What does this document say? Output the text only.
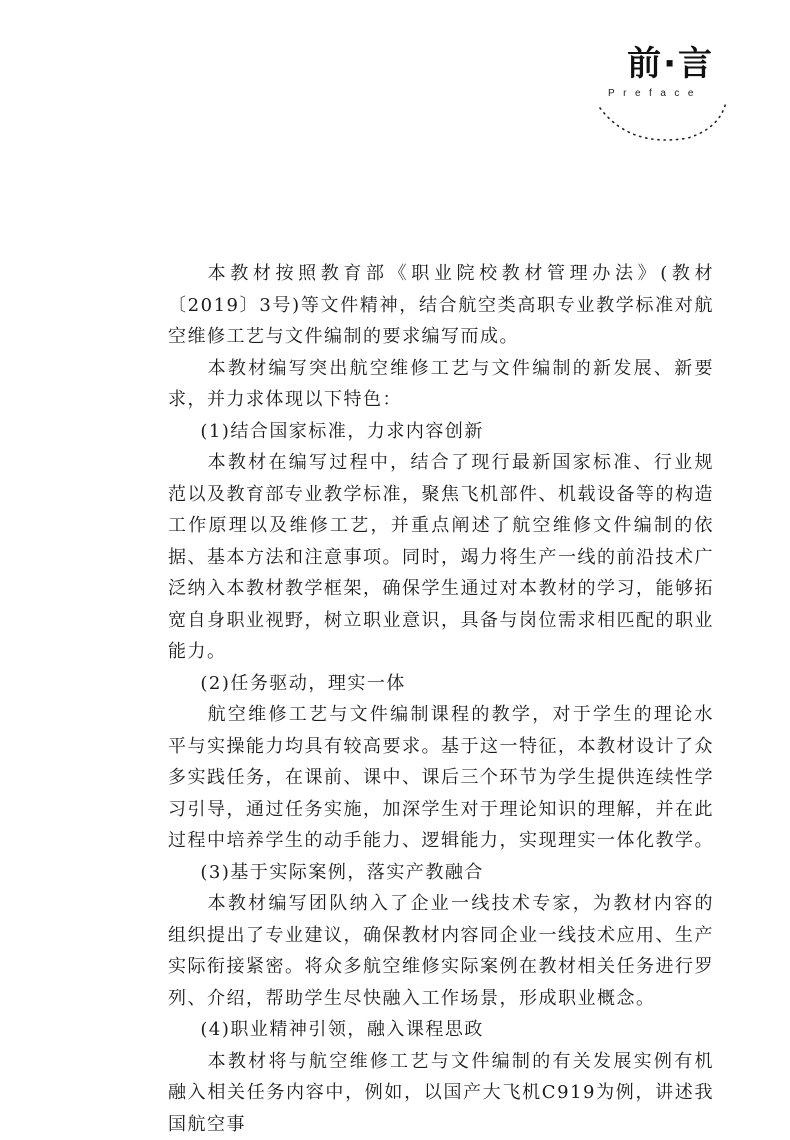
前·言
Preface

本教材按照教育部《职业院校教材管理办法》(教材〔2019〕3号)等文件精神，结合航空类高职专业教学标准对航空维修工艺与文件编制的要求编写而成。

本教材编写突出航空维修工艺与文件编制的新发展、新要求，并力求体现以下特色：

(1)结合国家标准，力求内容创新

本教材在编写过程中，结合了现行最新国家标准、行业规范以及教育部专业教学标准，聚焦飞机部件、机载设备等的构造工作原理以及维修工艺，并重点阐述了航空维修文件编制的依据、基本方法和注意事项。同时，竭力将生产一线的前沿技术广泛纳入本教材教学框架，确保学生通过对本教材的学习，能够拓宽自身职业视野，树立职业意识，具备与岗位需求相匹配的职业能力。

(2)任务驱动，理实一体

航空维修工艺与文件编制课程的教学，对于学生的理论水平与实操能力均具有较高要求。基于这一特征，本教材设计了众多实践任务，在课前、课中、课后三个环节为学生提供连续性学习引导，通过任务实施，加深学生对于理论知识的理解，并在此过程中培养学生的动手能力、逻辑能力，实现理实一体化教学。

(3)基于实际案例，落实产教融合

本教材编写团队纳入了企业一线技术专家，为教材内容的组织提出了专业建议，确保教材内容同企业一线技术应用、生产实际衔接紧密。将众多航空维修实际案例在教材相关任务进行罗列、介绍，帮助学生尽快融入工作场景，形成职业概念。

(4)职业精神引领，融入课程思政

本教材将与航空维修工艺与文件编制的有关发展实例有机融入相关任务内容中，例如，以国产大飞机C919为例，讲述我国航空事
